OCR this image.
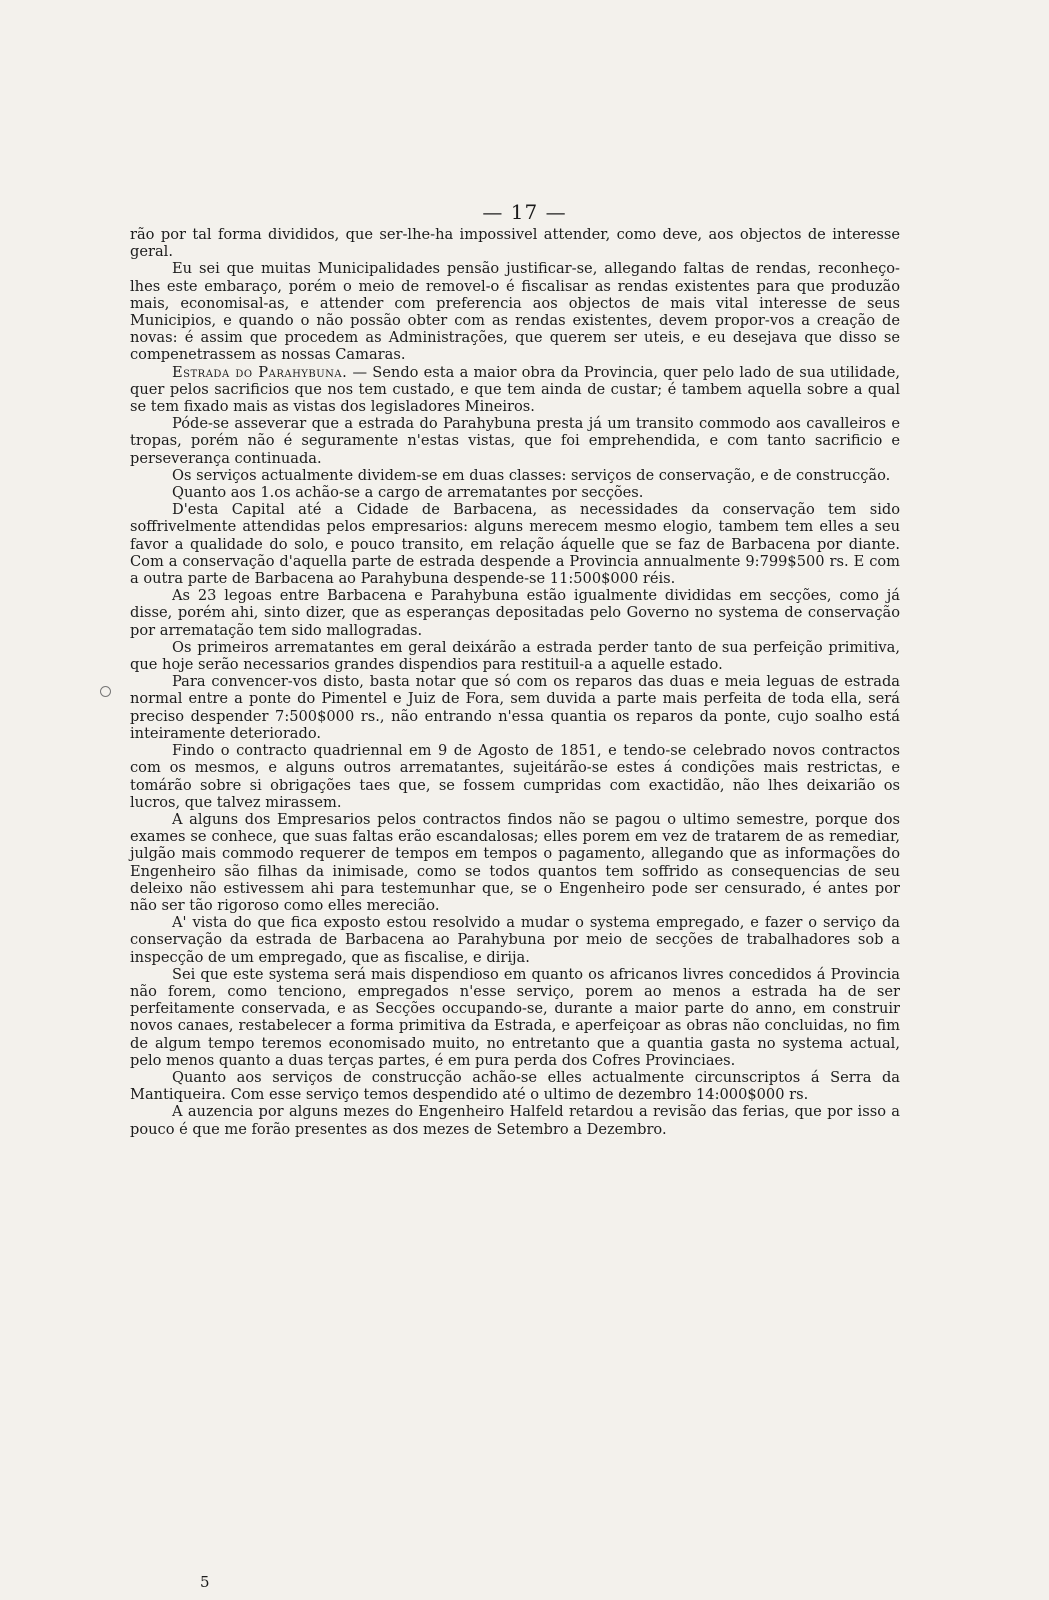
— 17 —

rão por tal forma divididos, que ser-lhe-ha impossivel attender, como deve, aos objectos de interesse geral.

Eu sei que muitas Municipalidades pensão justificar-se, allegando faltas de rendas, reconheço-lhes este embaraço, porém o meio de removel-o é fiscalisar as rendas existentes para que produzão mais, economisal-as, e attender com preferencia aos objectos de mais vital interesse de seus Municipios, e quando o não possão obter com as rendas existentes, devem propor-vos a creação de novas: é assim que procedem as Administrações, que querem ser uteis, e eu desejava que disso se compenetrassem as nossas Camaras.

Estrada do Parahybuna. — Sendo esta a maior obra da Provincia, quer pelo lado de sua utilidade, quer pelos sacrificios que nos tem custado, e que tem ainda de custar; é tambem aquella sobre a qual se tem fixado mais as vistas dos legisladores Mineiros.

Póde-se asseverar que a estrada do Parahybuna presta já um transito commodo aos cavalleiros e tropas, porém não é seguramente n'estas vistas, que foi emprehendida, e com tanto sacrificio e perseverança continuada.

Os serviços actualmente dividem-se em duas classes: serviços de conservação, e de construcção.

Quanto aos 1.os achão-se a cargo de arrematantes por secções.

D'esta Capital até a Cidade de Barbacena, as necessidades da conservação tem sido soffrivelmente attendidas pelos empresarios: alguns merecem mesmo elogio, tambem tem elles a seu favor a qualidade do solo, e pouco transito, em relação áquelle que se faz de Barbacena por diante. Com a conservação d'aquella parte de estrada despende a Provincia annualmente 9:799$500 rs. E com a outra parte de Barbacena ao Parahybuna despende-se 11:500$000 réis.

As 23 legoas entre Barbacena e Parahybuna estão igualmente divididas em secções, como já disse, porém ahi, sinto dizer, que as esperanças depositadas pelo Governo no systema de conservação por arrematação tem sido mallogradas.

Os primeiros arrematantes em geral deixárão a estrada perder tanto de sua perfeição primitiva, que hoje serão necessarios grandes dispendios para restituil-a a aquelle estado.

Para convencer-vos disto, basta notar que só com os reparos das duas e meia leguas de estrada normal entre a ponte do Pimentel e Juiz de Fora, sem duvida a parte mais perfeita de toda ella, será preciso despender 7:500$000 rs., não entrando n'essa quantia os reparos da ponte, cujo soalho está inteiramente deteriorado.

Findo o contracto quadriennal em 9 de Agosto de 1851, e tendo-se celebrado novos contractos com os mesmos, e alguns outros arrematantes, sujeitárão-se estes á condições mais restrictas, e tomárão sobre si obrigações taes que, se fossem cumpridas com exactidão, não lhes deixarião os lucros, que talvez mirassem.

A alguns dos Empresarios pelos contractos findos não se pagou o ultimo semestre, porque dos exames se conhece, que suas faltas erão escandalosas; elles porem em vez de tratarem de as remediar, julgão mais commodo requerer de tempos em tempos o pagamento, allegando que as informações do Engenheiro são filhas da inimisade, como se todos quantos tem soffrido as consequencias de seu deleixo não estivessem ahi para testemunhar que, se o Engenheiro pode ser censurado, é antes por não ser tão rigoroso como elles merecião.

A' vista do que fica exposto estou resolvido a mudar o systema empregado, e fazer o serviço da conservação da estrada de Barbacena ao Parahybuna por meio de secções de trabalhadores sob a inspecção de um empregado, que as fiscalise, e dirija.

Sei que este systema será mais dispendioso em quanto os africanos livres concedidos á Provincia não forem, como tenciono, empregados n'esse serviço, porem ao menos a estrada ha de ser perfeitamente conservada, e as Secções occupando-se, durante a maior parte do anno, em construir novos canaes, restabelecer a forma primitiva da Estrada, e aperfeiçoar as obras não concluidas, no fim de algum tempo teremos economisado muito, no entretanto que a quantia gasta no systema actual, pelo menos quanto a duas terças partes, é em pura perda dos Cofres Provinciaes.

Quanto aos serviços de construcção achão-se elles actualmente circunscriptos á Serra da Mantiqueira. Com esse serviço temos despendido até o ultimo de dezembro 14:000$000 rs.

A auzencia por alguns mezes do Engenheiro Halfeld retardou a revisão das ferias, que por isso a pouco é que me forão presentes as dos mezes de Setembro a Dezembro.

5
